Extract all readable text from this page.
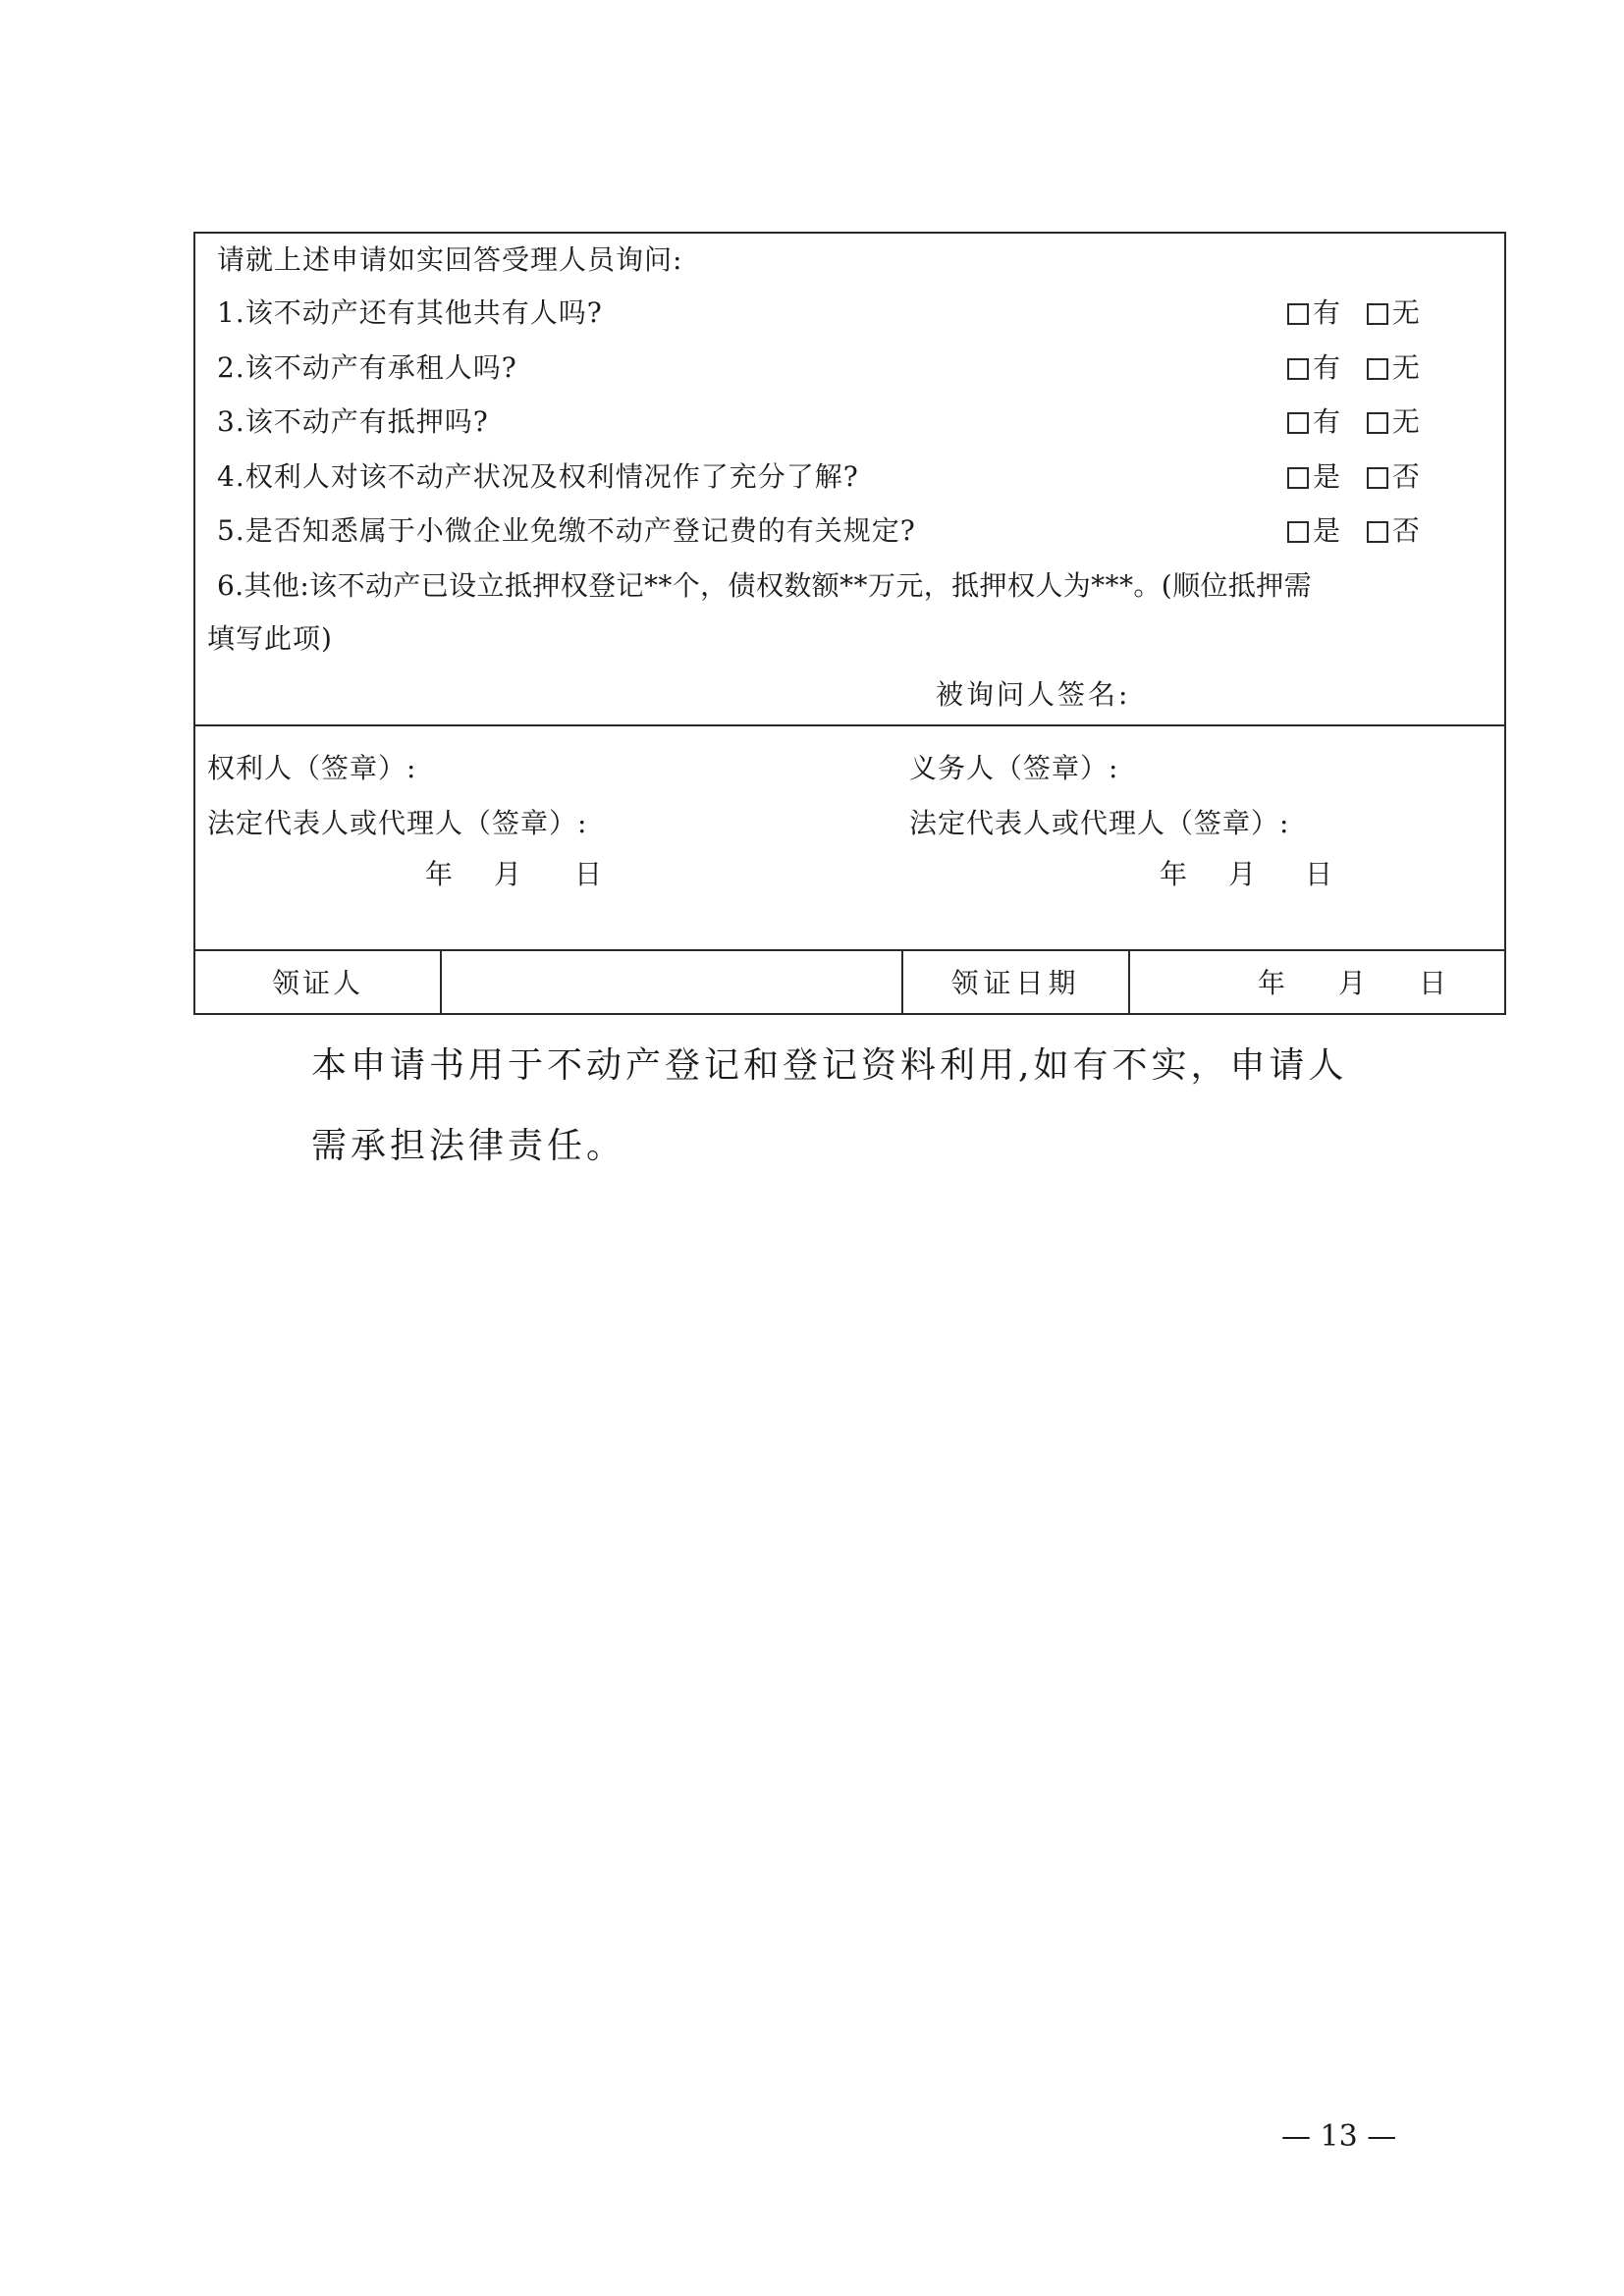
请就上述申请如实回答受理人员询问:
1.该不动产还有其他共有人吗?	有 无
2.该不动产有承租人吗?	有 无
3.该不动产有抵押吗?	有 无
4.权利人对该不动产状况及权利情况作了充分了解?	是 否
5.是否知悉属于小微企业免缴不动产登记费的有关规定?	是 否
6.其他:该不动产已设立抵押权登记**个，债权数额**万元，抵押权人为***。(顺位抵押需
填写此项)
被询问人签名:
权利人（签章）:
法定代表人或代理人（签章）:
年 月 日
义务人（签章）:
法定代表人或代理人（签章）:
年 月 日
领证人	领证日期	年 月 日
本申请书用于不动产登记和登记资料利用,如有不实，申请人
需承担法律责任。
— 13 —
